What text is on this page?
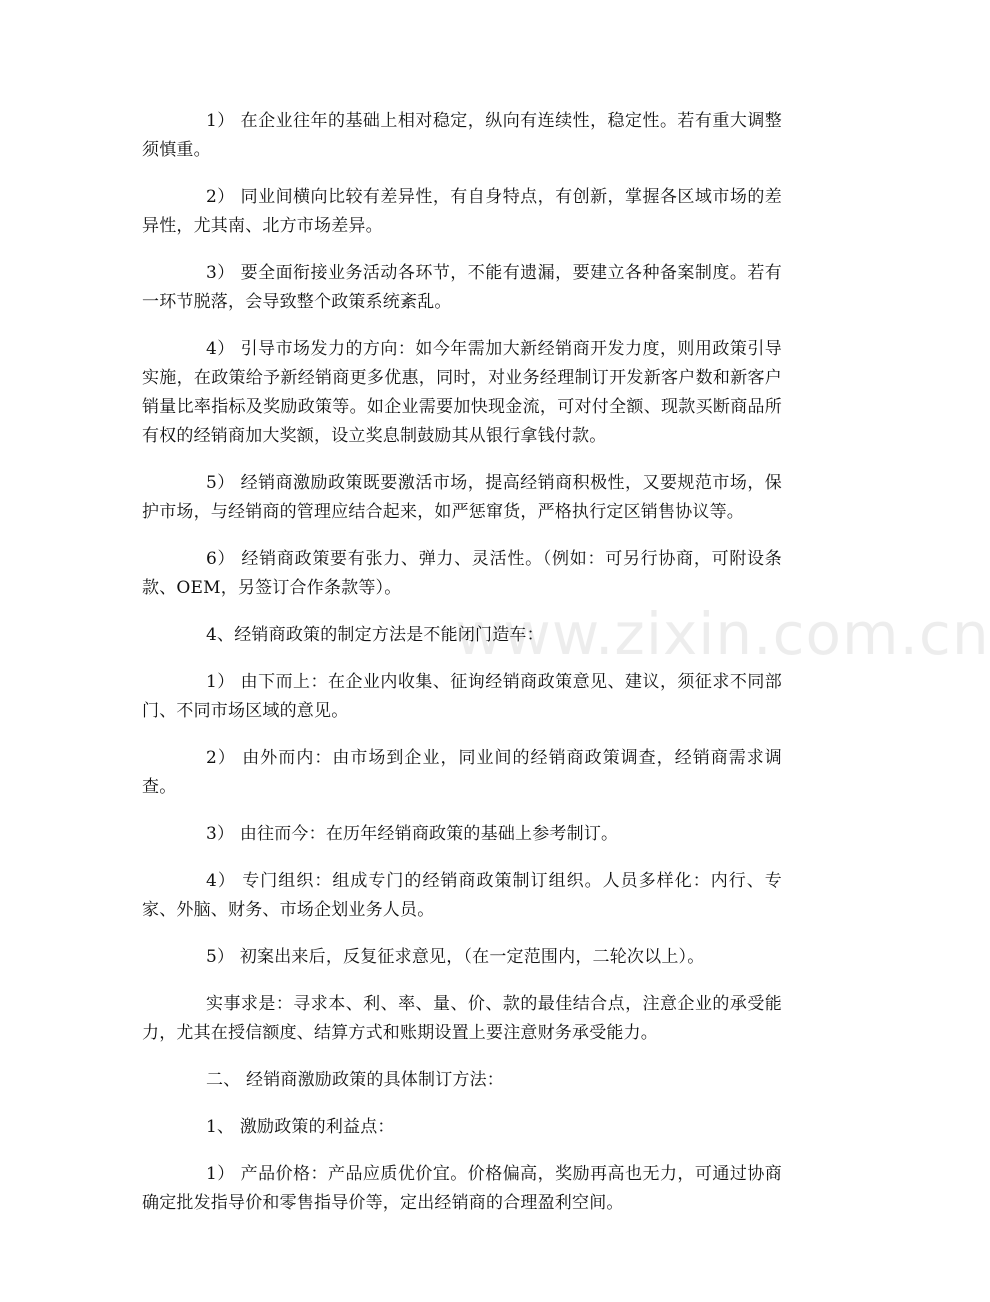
1） 在企业往年的基础上相对稳定，纵向有连续性，稳定性。若有重大调整须慎重。

2） 同业间横向比较有差异性，有自身特点，有创新，掌握各区域市场的差异性，尤其南、北方市场差异。

3） 要全面衔接业务活动各环节，不能有遗漏，要建立各种备案制度。若有一环节脱落，会导致整个政策系统紊乱。

4） 引导市场发力的方向：如今年需加大新经销商开发力度，则用政策引导实施，在政策给予新经销商更多优惠，同时，对业务经理制订开发新客户数和新客户销量比率指标及奖励政策等。如企业需要加快现金流，可对付全额、现款买断商品所有权的经销商加大奖额，设立奖息制鼓励其从银行拿钱付款。

5） 经销商激励政策既要激活市场，提高经销商积极性，又要规范市场，保护市场，与经销商的管理应结合起来，如严惩窜货，严格执行定区销售协议等。

6） 经销商政策要有张力、弹力、灵活性。（例如：可另行协商，可附设条款、OEM，另签订合作条款等）。

4、经销商政策的制定方法是不能闭门造车：

1） 由下而上：在企业内收集、征询经销商政策意见、建议，须征求不同部门、不同市场区域的意见。

2） 由外而内：由市场到企业，同业间的经销商政策调查，经销商需求调查。

3） 由往而今：在历年经销商政策的基础上参考制订。

4） 专门组织：组成专门的经销商政策制订组织。人员多样化：内行、专家、外脑、财务、市场企划业务人员。

5） 初案出来后，反复征求意见，（在一定范围内，二轮次以上）。

实事求是：寻求本、利、率、量、价、款的最佳结合点，注意企业的承受能力，尤其在授信额度、结算方式和账期设置上要注意财务承受能力。

二、 经销商激励政策的具体制订方法：

1、 激励政策的利益点：

1） 产品价格：产品应质优价宜。价格偏高，奖励再高也无力，可通过协商确定批发指导价和零售指导价等，定出经销商的合理盈利空间。

www.zixin.com.cn
